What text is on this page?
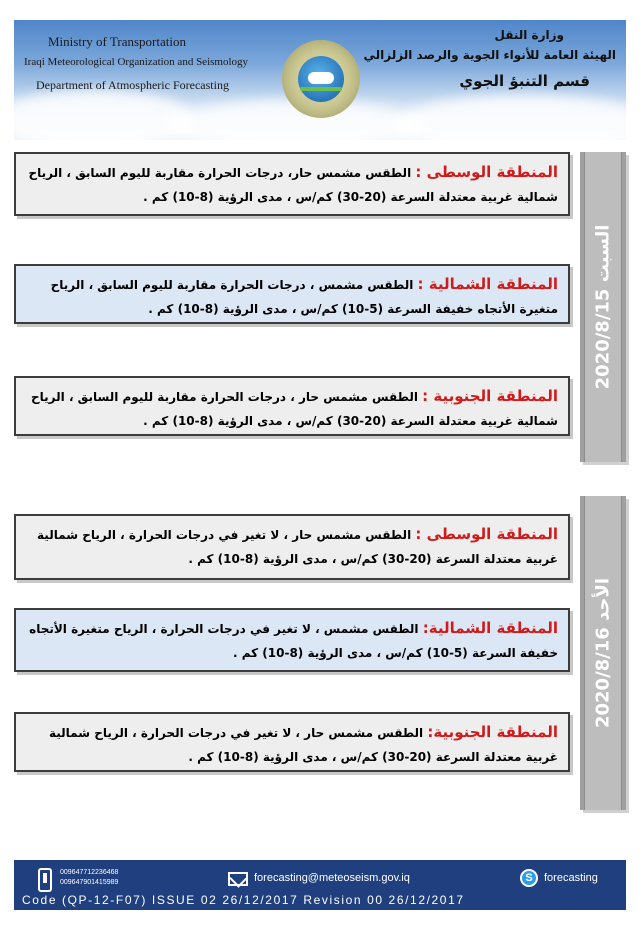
Ministry of Transportation
Iraqi Meteorological Organization and Seismology
Department of Atmospheric Forecasting
وزارة النقل
الهيئة العامة للأنواء الجوية والرصد الزلزالي
قسم التنبؤ الجوي
المنطقة الوسطى : الطقس مشمس حار، درجات الحرارة مقاربة لليوم السابق ، الرياح شمالية غربية معتدلة السرعة (20-30) كم/س ، مدى الرؤية (8-10) كم .
المنطقة الشمالية : الطقس مشمس ، درجات الحرارة مقاربة لليوم السابق ، الرياح متغيرة الأتجاه خفيفة السرعة (5-10) كم/س ، مدى الرؤية (8-10) كم .
المنطقة الجنوبية : الطقس مشمس حار ، درجات الحرارة مقاربة لليوم السابق ، الرياح شمالية غربية معتدلة السرعة (20-30) كم/س ، مدى الرؤية (8-10) كم .
السبت 2020/8/15
المنطقة الوسطى : الطقس مشمس حار ، لا تغير في درجات الحرارة ، الرياح شمالية غربية معتدلة السرعة (20-30) كم/س ، مدى الرؤية (8-10) كم .
المنطقة الشمالية: الطقس مشمس ، لا تغير في درجات الحرارة ، الرياح متغيرة الأتجاه خفيفة السرعة (5-10) كم/س ، مدى الرؤية (8-10) كم .
المنطقة الجنوبية: الطقس مشمس حار ، لا تغير في درجات الحرارة ، الرياح شمالية غربية معتدلة السرعة (20-30) كم/س ، مدى الرؤية (8-10) كم .
الأحد 2020/8/16
009647712236468
009647901415989	forecasting@meteoseism.gov.iq	S	forecasting
Code (QP-12-F07) ISSUE 02 26/12/2017 Revision 00 26/12/2017
